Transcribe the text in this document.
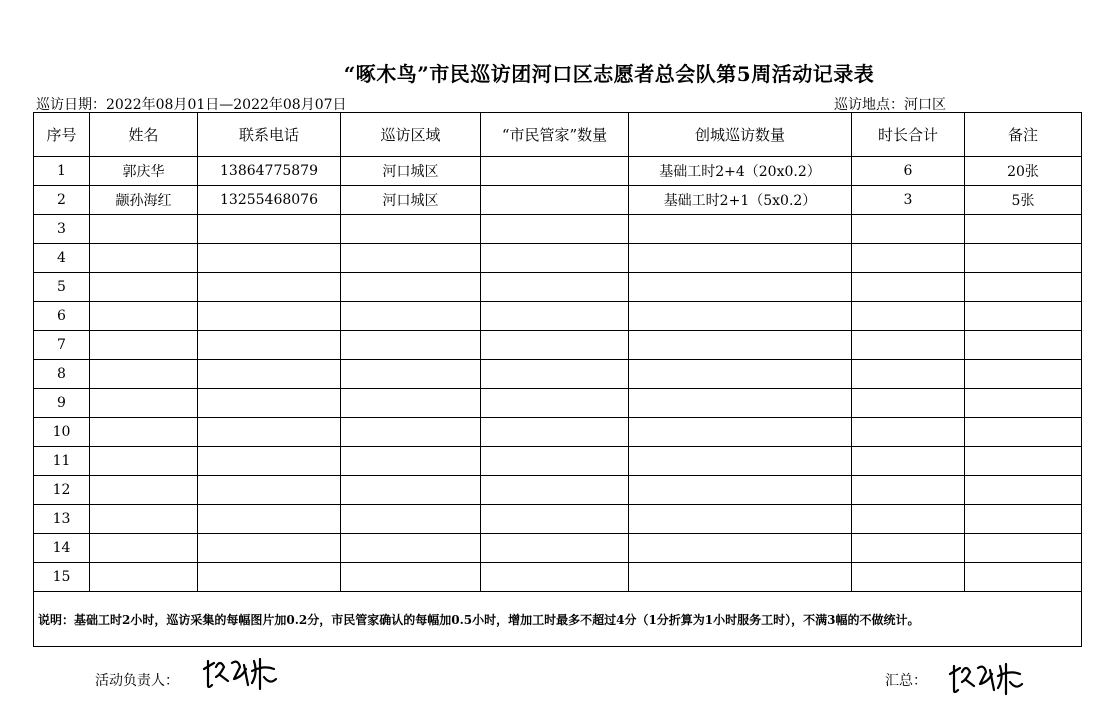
“啄木鸟”市民巡访团河口区志愿者总会队第5周活动记录表
巡访日期：2022年08月01日—2022年08月07日	巡访地点：河口区
序号	姓名	联系电话	巡访区域	“市民管家”数量	创城巡访数量	时长合计	备注
1	郭庆华	13864775879	河口城区		基础工时2+4（20x0.2）	6	20张
2	颛孙海红	13255468076	河口城区		基础工时2+1（5x0.2）	3	5张
3							
4							
5							
6							
7							
8							
9							
10							
11							
12							
13							
14							
15							
说明：基础工时2小时，巡访采集的每幅图片加0.2分，市民管家确认的每幅加0.5小时，增加工时最多不超过4分（1分折算为1小时服务工时），不满3幅的不做统计。							
活动负责人：	汇总：
